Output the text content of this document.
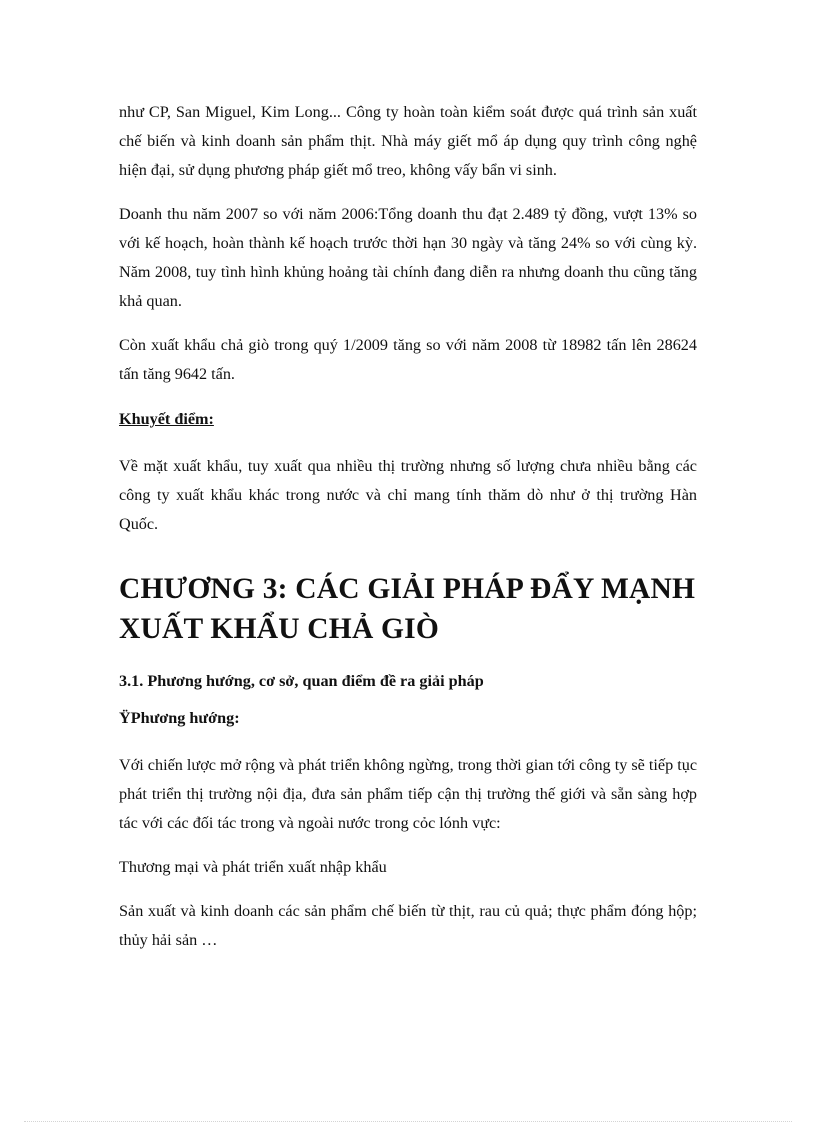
như CP, San Miguel, Kim Long... Công ty hoàn toàn kiểm soát được quá trình sản xuất chế biến và kinh doanh sản phẩm thịt. Nhà máy giết mổ áp dụng quy trình công nghệ hiện đại, sử dụng phương pháp giết mổ treo, không vấy bẩn vi sinh.

Doanh thu năm 2007 so với năm 2006:Tổng doanh thu đạt 2.489 tỷ đồng, vượt 13% so với kế hoạch, hoàn thành kế hoạch trước thời hạn 30 ngày và tăng 24% so với cùng kỳ. Năm 2008, tuy tình hình khủng hoảng tài chính đang diễn ra nhưng doanh thu cũng tăng khả quan.

Còn xuất khẩu chả giò trong quý 1/2009 tăng so với năm 2008 từ 18982 tấn lên 28624 tấn tăng 9642 tấn.

Khuyết điểm:

Về mặt xuất khẩu, tuy xuất qua nhiều thị trường nhưng số lượng chưa nhiều bằng các công ty xuất khẩu khác trong nước và chỉ mang tính thăm dò như ở thị trường Hàn Quốc.

CHƯƠNG 3: CÁC GIẢI PHÁP ĐẨY MẠNH
XUẤT KHẨU CHẢ GIÒ
3.1. Phương hướng, cơ sở, quan điểm đề ra giải pháp
ŸPhương hướng:

Với chiến lược mở rộng và phát triển không ngừng, trong thời gian tới công ty sẽ tiếp tục phát triển thị trường nội địa, đưa sản phẩm tiếp cận thị trường thế giới và sẵn sàng hợp tác với các đối tác trong và ngoài nước trong cỏc lónh vực:

Thương mại và phát triển xuất nhập khẩu

Sản xuất và kinh doanh các sản phẩm chế biến từ thịt, rau củ quả; thực phẩm đóng hộp; thủy hải sản …
